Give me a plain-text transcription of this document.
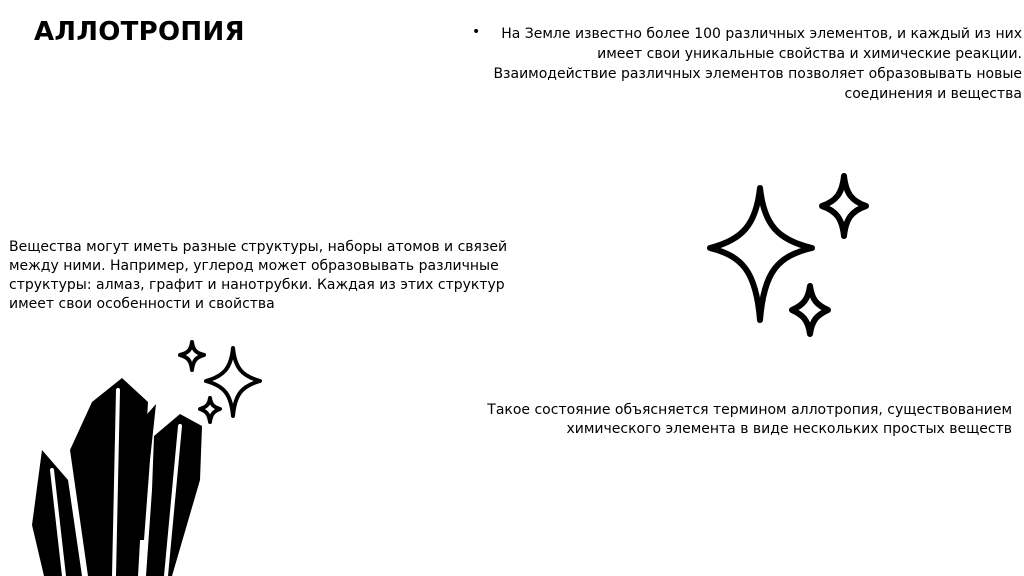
АЛЛОТРОПИЯ	•	На Земле известно более 100 различных элементов, и каждый из них имеет свои уникальные свойства и химические реакции. Взаимодействие различных элементов позволяет образовывать новые соединения и вещества

Вещества могут иметь разные структуры, наборы атомов и связей между ними. Например, углерод может образовывать различные структуры: алмаз, графит и нанотрубки. Каждая из этих структур имеет свои особенности и свойства

Такое состояние объясняется термином аллотропия, существованием химического элемента в виде нескольких простых веществ
